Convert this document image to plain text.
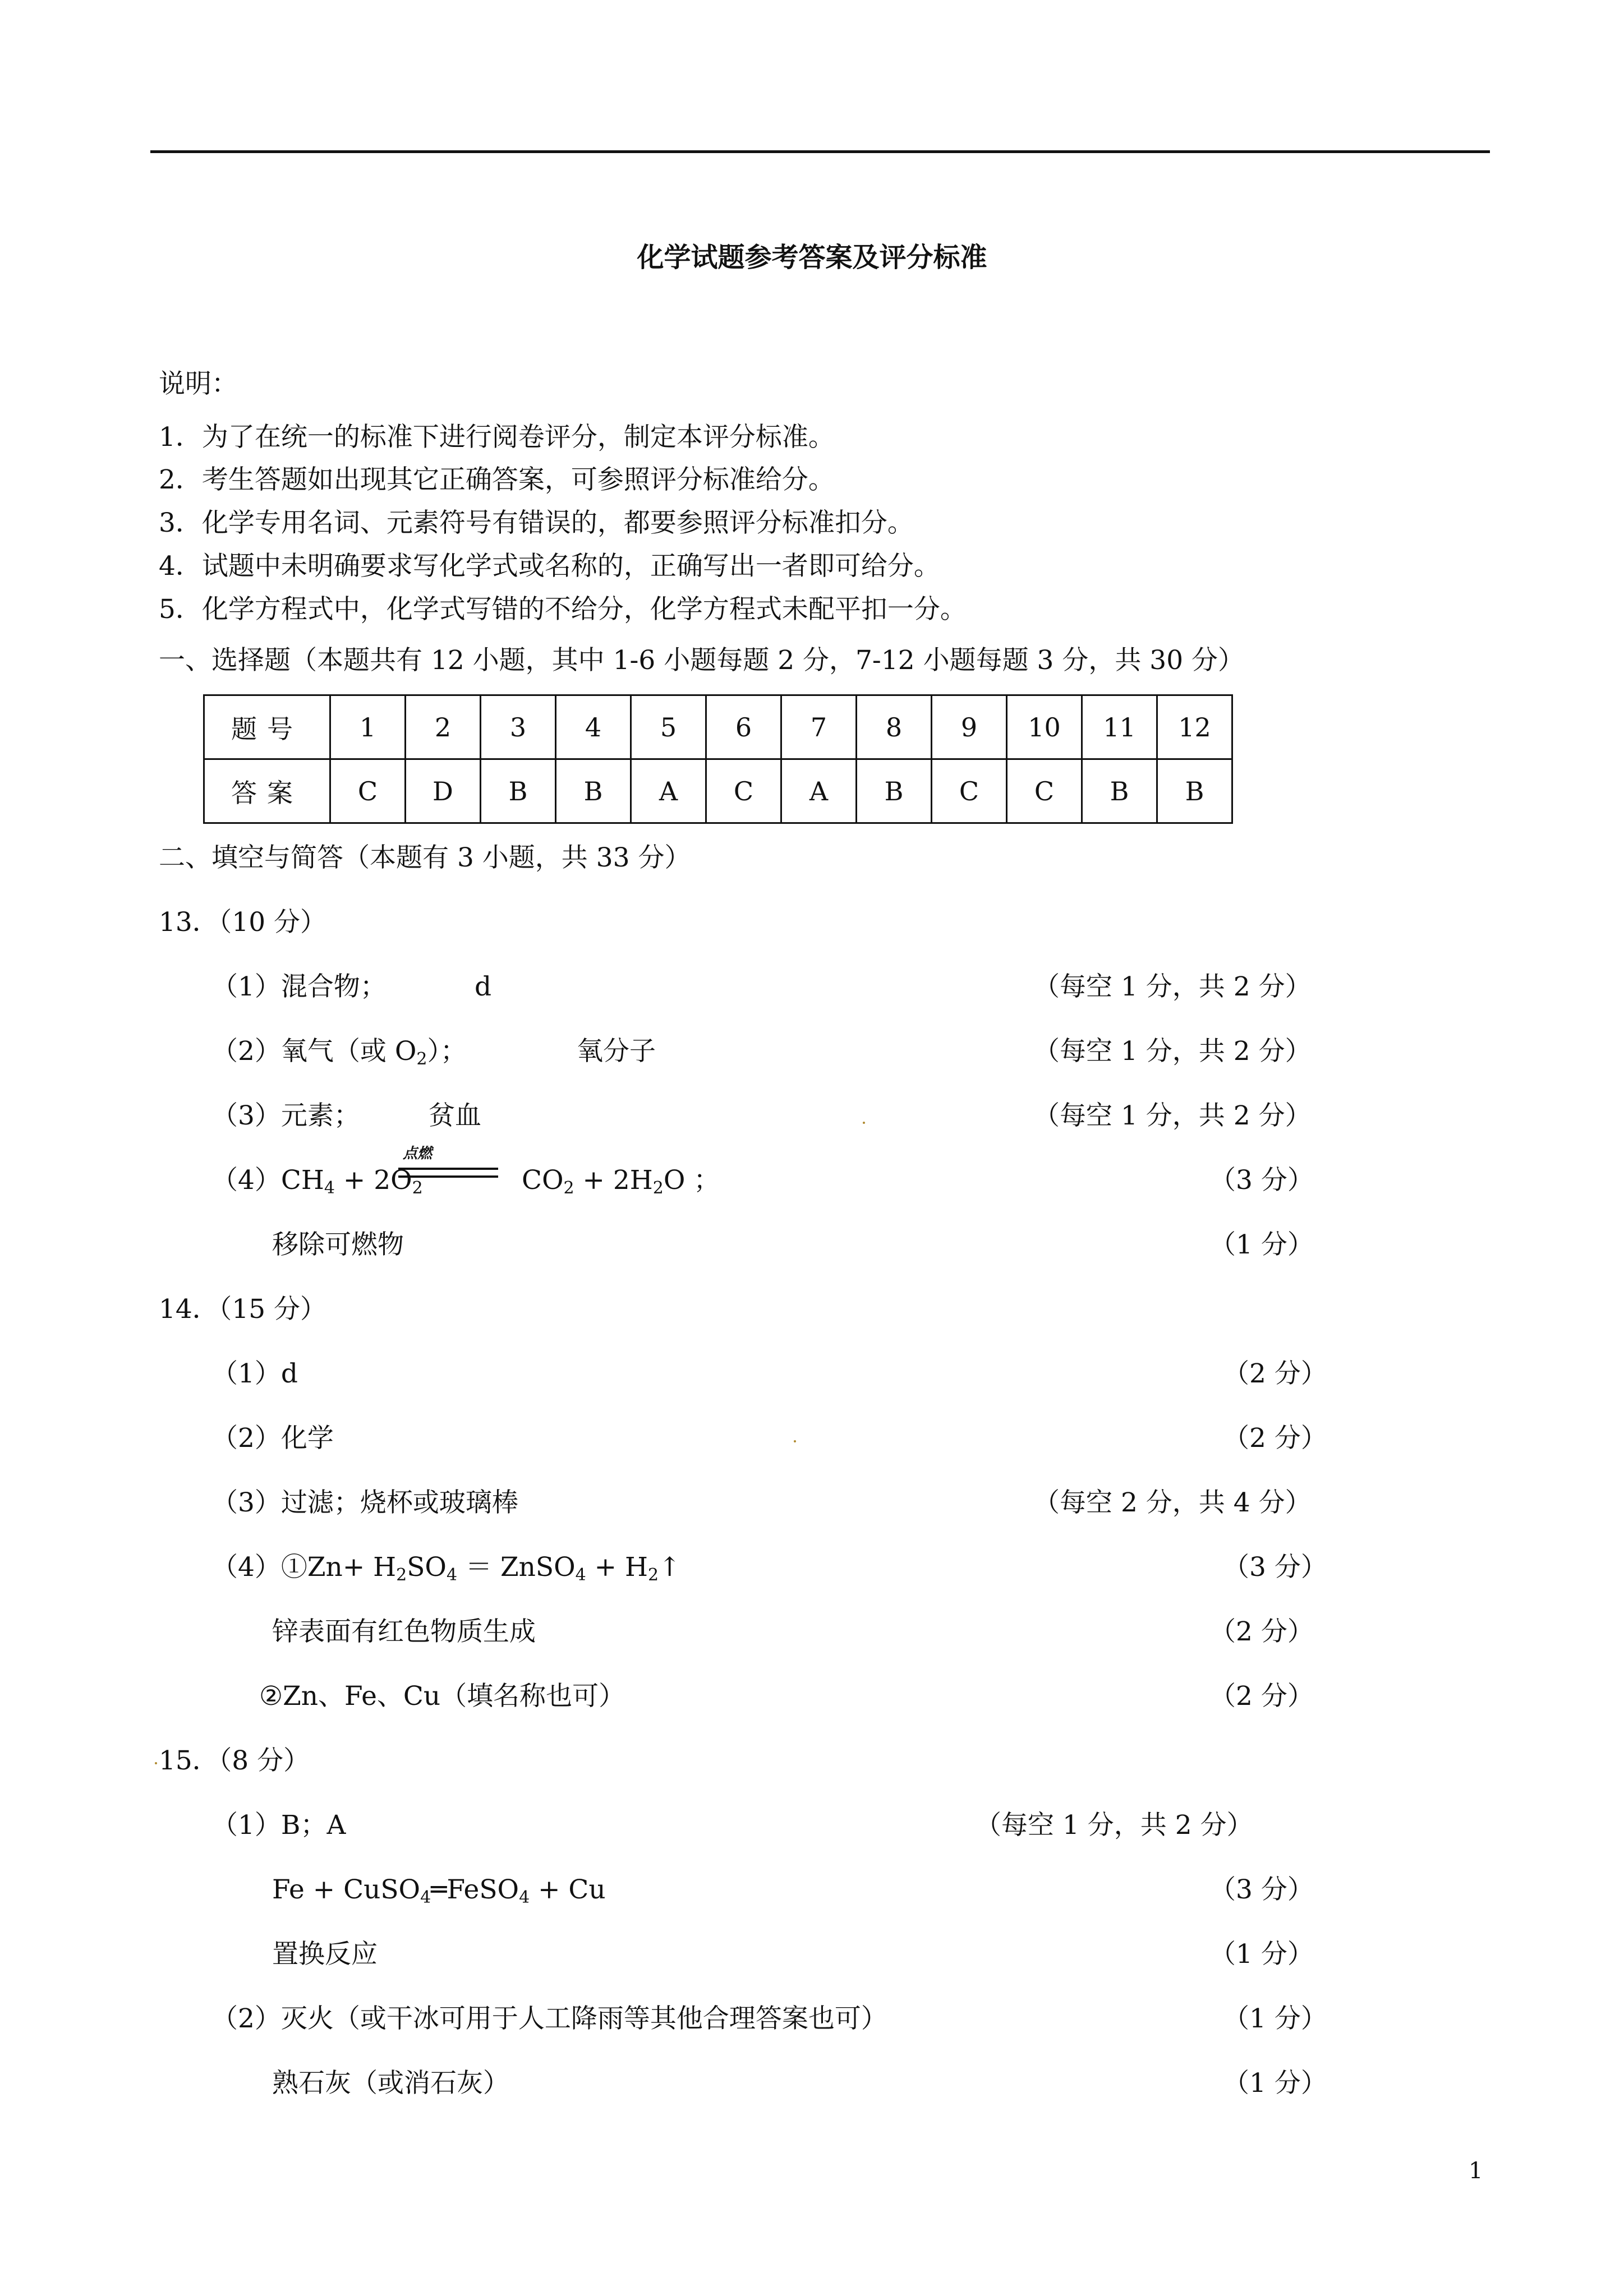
化学试题参考答案及评分标准
说明：
1．为了在统一的标准下进行阅卷评分，制定本评分标准。
2．考生答题如出现其它正确答案，可参照评分标准给分。
3．化学专用名词、元素符号有错误的，都要参照评分标准扣分。
4．试题中未明确要求写化学式或名称的，正确写出一者即可给分。
5．化学方程式中，化学式写错的不给分，化学方程式未配平扣一分。
一、选择题（本题共有 12 小题，其中 1-6 小题每题 2 分，7-12 小题每题 3 分，共 30 分）
题号	1	2	3	4	5	6	7	8	9	10	11	12
答案	C	D	B	B	A	C	A	B	C	C	B	B
二、填空与简答（本题有 3 小题，共 33 分）
13．（10 分）
（1）混合物；	d	（每空 1 分，共 2 分）
（2）氧气（或 $O_2$）；	氧分子	（每空 1 分，共 2 分）
（3）元素；	贫血	（每空 1 分，共 2 分）
$(4)CH_4 + 2O_2$
点燃
$CO_2 + 2H_2O$ ；	（3 分）
移除可燃物	（1 分）
14．（15 分）
（1）d	（2 分）
（2）化学	（2 分）
（3）过滤；烧杯或玻璃棒	（每空 2 分，共 4 分）
（4）①Zn+ $H_2SO_4$ ＝ ZnSO$_4$ + $H_2↑$	（3 分）
锌表面有红色物质生成	（2 分）
②Zn、Fe、Cu（填名称也可）	（2 分）
15．（8 分）
（1）B；A	（每空 1 分，共 2 分）
Fe + CuSO$_4$═FeSO$_4$ + Cu	（3 分）
置换反应	（1 分）
（2）灭火（或干冰可用于人工降雨等其他合理答案也可）	（1 分）
熟石灰（或消石灰）	（1 分）
1
